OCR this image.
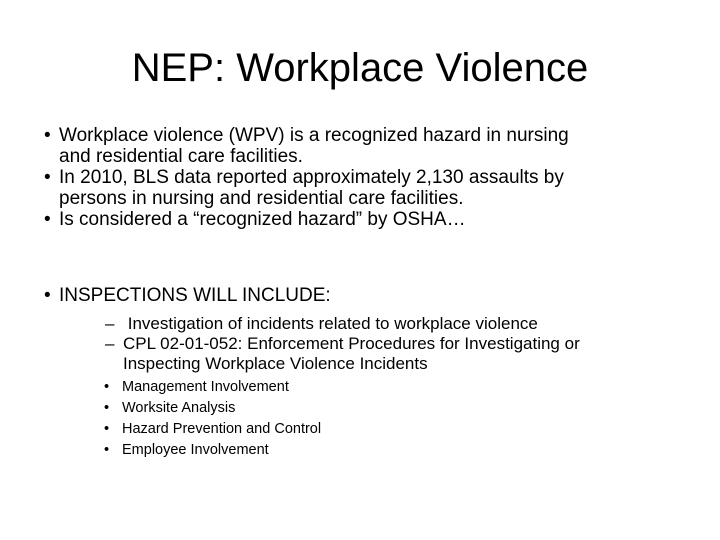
NEP: Workplace Violence
• Workplace violence (WPV) is a recognized hazard in nursing
and residential care facilities.
• In 2010, BLS data reported approximately 2,130 assaults by
persons in nursing and residential care facilities.
• Is considered a “recognized hazard” by OSHA…
• INSPECTIONS WILL INCLUDE:
– Investigation of incidents related to workplace violence
– CPL 02-01-052: Enforcement Procedures for Investigating or
Inspecting Workplace Violence Incidents
• Management Involvement
• Worksite Analysis
• Hazard Prevention and Control
• Employee Involvement
